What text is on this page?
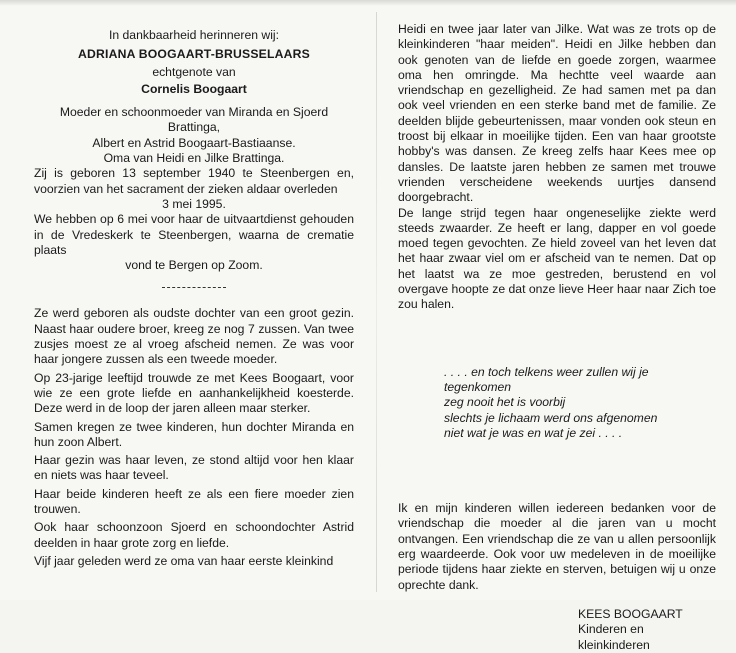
In dankbaarheid herinneren wij:

ADRIANA BOOGAART-BRUSSELAARS

echtgenote van

Cornelis Boogaart

Moeder en schoonmoeder van Miranda en Sjoerd Brattinga,

Albert en Astrid Boogaart-Bastiaanse.

Oma van Heidi en Jilke Brattinga.

Zij is geboren 13 september 1940 te Steenbergen en, voorzien van het sacrament der zieken aldaar overleden

3 mei 1995.

We hebben op 6 mei voor haar de uitvaartdienst gehouden in de Vredeskerk te Steenbergen, waarna de crematie plaats

vond te Bergen op Zoom.

Ze werd geboren als oudste dochter van een groot gezin. Naast haar oudere broer, kreeg ze nog 7 zussen. Van twee zusjes moest ze al vroeg afscheid nemen. Ze was voor haar jongere zussen als een tweede moeder.

Op 23-jarige leeftijd trouwde ze met Kees Boogaart, voor wie ze een grote liefde en aanhankelijkheid koesterde. Deze werd in de loop der jaren alleen maar sterker.

Samen kregen ze twee kinderen, hun dochter Miranda en hun zoon Albert.

Haar gezin was haar leven, ze stond altijd voor hen klaar en niets was haar teveel.

Haar beide kinderen heeft ze als een fiere moeder zien trouwen.

Ook haar schoonzoon Sjoerd en schoondochter Astrid deelden in haar grote zorg en liefde.

Vijf jaar geleden werd ze oma van haar eerste kleinkind

Heidi en twee jaar later van Jilke. Wat was ze trots op de kleinkinderen "haar meiden". Heidi en Jilke hebben dan ook genoten van de liefde en goede zorgen, waarmee oma hen omringde. Ma hechtte veel waarde aan vriendschap en gezelligheid. Ze had samen met pa dan ook veel vrienden en een sterke band met de familie. Ze deelden blijde gebeurtenissen, maar vonden ook steun en troost bij elkaar in moeilijke tijden. Een van haar grootste hobby's was dansen. Ze kreeg zelfs haar Kees mee op dansles. De laatste jaren hebben ze samen met trouwe vrienden verscheidene weekends uurtjes dansend doorgebracht.

De lange strijd tegen haar ongeneselijke ziekte werd steeds zwaarder. Ze heeft er lang, dapper en vol goede moed tegen gevochten. Ze hield zoveel van het leven dat het haar zwaar viel om er afscheid van te nemen. Dat op het laatst wa ze moe gestreden, berustend en vol overgave hoopte ze dat onze lieve Heer haar naar Zich toe zou halen.

. . . . en toch telkens weer zullen wij je tegenkomen

zeg nooit het is voorbij

slechts je lichaam werd ons afgenomen

niet wat je was en wat je zei . . . .

Ik en mijn kinderen willen iedereen bedanken voor de vriendschap die moeder al die jaren van u mocht ontvangen. Een vriendschap die ze van u allen persoonlijk erg waardeerde. Ook voor uw medeleven in de moeilijke periode tijdens haar ziekte en sterven, betuigen wij u onze oprechte dank.

KEES BOOGAART

Kinderen en kleinkinderen
